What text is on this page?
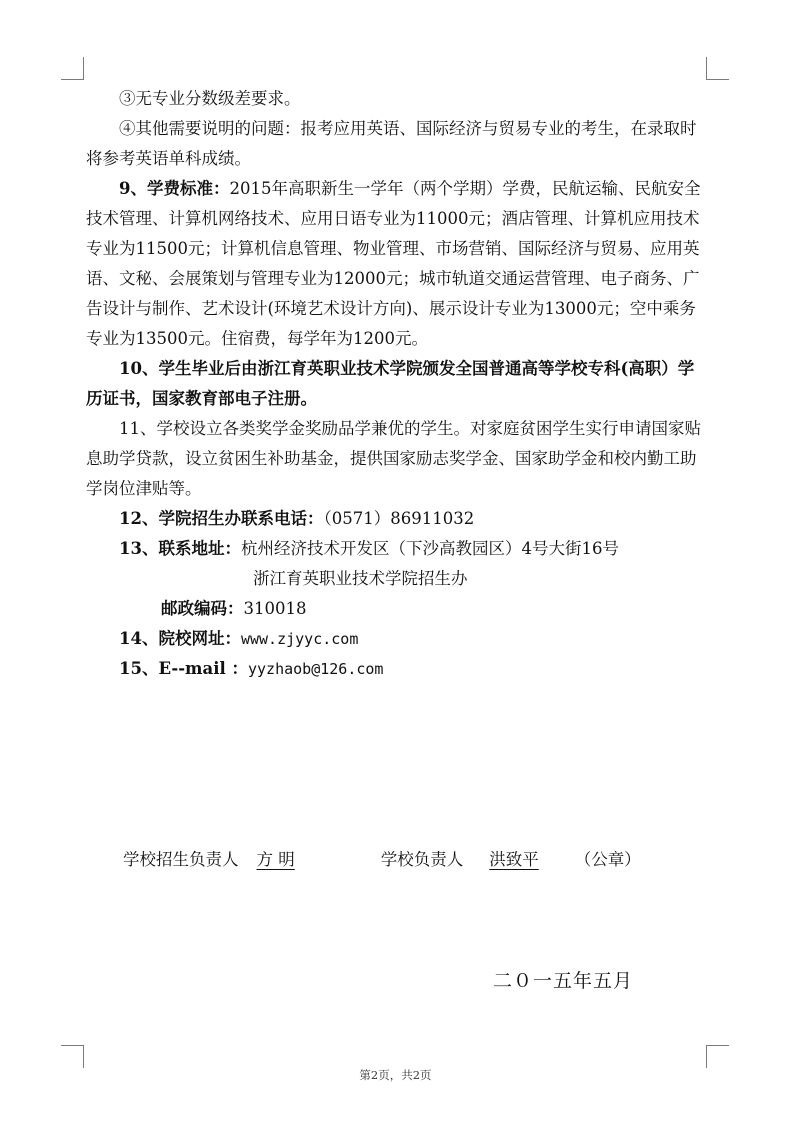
③无专业分数级差要求。

④其他需要说明的问题：报考应用英语、国际经济与贸易专业的考生，在录取时将参考英语单科成绩。

9、学费标准：2015年高职新生一学年（两个学期）学费，民航运输、民航安全技术管理、计算机网络技术、应用日语专业为11000元；酒店管理、计算机应用技术专业为11500元；计算机信息管理、物业管理、市场营销、国际经济与贸易、应用英语、文秘、会展策划与管理专业为12000元；城市轨道交通运营管理、电子商务、广告设计与制作、艺术设计(环境艺术设计方向)、展示设计专业为13000元；空中乘务专业为13500元。住宿费，每学年为1200元。

10、学生毕业后由浙江育英职业技术学院颁发全国普通高等学校专科(高职）学历证书，国家教育部电子注册。

11、学校设立各类奖学金奖励品学兼优的学生。对家庭贫困学生实行申请国家贴息助学贷款，设立贫困生补助基金，提供国家励志奖学金、国家助学金和校内勤工助学岗位津贴等。

12、学院招生办联系电话：（0571）86911032

13、联系地址：杭州经济技术开发区（下沙高教园区）4号大街16号

浙江育英职业技术学院招生办

邮政编码：310018

14、院校网址：www.zjyyc.com

15、E--mail ：yyzhaob@126.com

学校招生负责人 方 明	学校负责人 洪致平 （公章）
二０一五年五月
第2页，共2页
